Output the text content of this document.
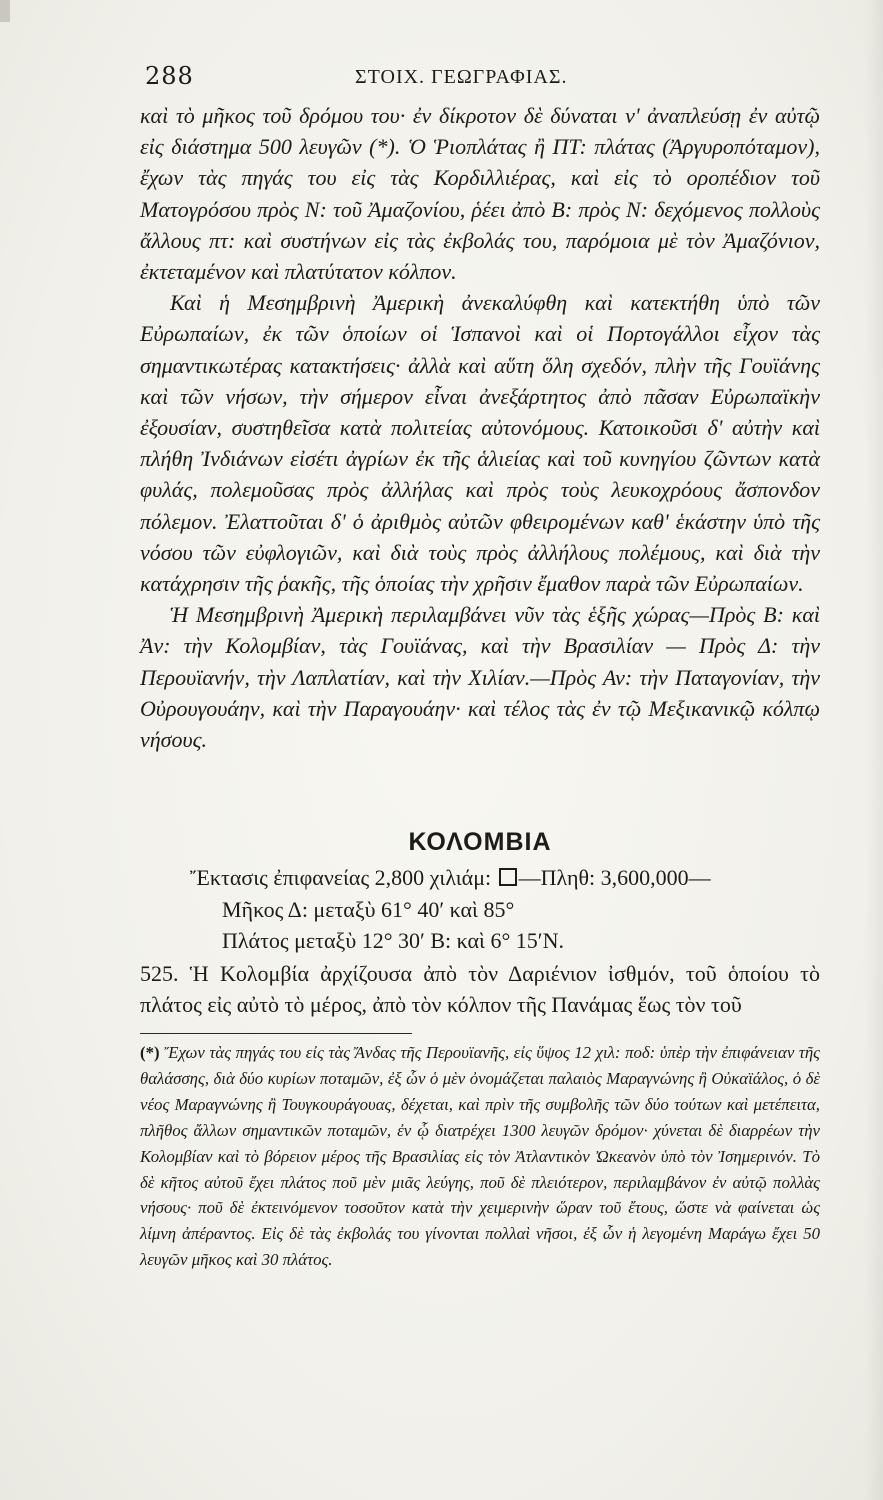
288	ΣΤΟΙΧ. ΓΕΩΓΡΑΦΙΑΣ.

καὶ τὸ μῆκος τοῦ δρόμου του· ἐν δίκροτον δὲ δύναται ν' ἀναπλεύσῃ ἐν αὐτῷ εἰς διάστημα 500 λευγῶν (*). Ὁ Ῥιοπλάτας ἢ ΠΤ: πλάτας (Ἀργυροπόταμον), ἔχων τὰς πηγάς του εἰς τὰς Κορδιλλιέρας, καὶ εἰς τὸ οροπέδιον τοῦ Ματογρόσου πρὸς Ν: τοῦ Ἀμαζονίου, ῥέει ἀπὸ Β: πρὸς Ν: δεχόμενος πολλοὺς ἄλλους πτ: καὶ συστήνων εἰς τὰς ἐκβολάς του, παρόμοια μὲ τὸν Ἀμαζόνιον, ἐκτεταμένον καὶ πλατύτατον κόλπον.

Καὶ ἡ Μεσημβρινὴ Ἀμερικὴ ἀνεκαλύφθη καὶ κατεκτήθη ὑπὸ τῶν Εὐρωπαίων, ἐκ τῶν ὁποίων οἱ Ἱσπανοὶ καὶ οἱ Πορτογάλλοι εἶχον τὰς σημαντικωτέρας κατακτήσεις· ἀλλὰ καὶ αὕτη ὅλη σχεδόν, πλὴν τῆς Γουϊάνης καὶ τῶν νήσων, τὴν σήμερον εἶναι ἀνεξάρτητος ἀπὸ πᾶσαν Εὐρωπαϊκὴν ἐξουσίαν, συστηθεῖσα κατὰ πολιτείας αὐτονόμους. Κατοικοῦσι δ' αὐτὴν καὶ πλήθη Ἰνδιάνων εἰσέτι ἀγρίων ἐκ τῆς ἁλιείας καὶ τοῦ κυνηγίου ζῶντων κατὰ φυλάς, πολεμοῦσας πρὸς ἀλλήλας καὶ πρὸς τοὺς λευκοχρόους ἄσπονδον πόλεμον. Ἐλαττοῦται δ' ὁ ἀριθμὸς αὐτῶν φθειρομένων καθ' ἑκάστην ὑπὸ τῆς νόσου τῶν εὐφλογιῶν, καὶ διὰ τοὺς πρὸς ἀλλήλους πολέμους, καὶ διὰ τὴν κατάχρησιν τῆς ῥακῆς, τῆς ὁποίας τὴν χρῆσιν ἔμαθον παρὰ τῶν Εὐρωπαίων.

Ἡ Μεσημβρινὴ Ἀμερικὴ περιλαμβάνει νῦν τὰς ἑξῆς χώρας—Πρὸς Β: καὶ Ἀν: τὴν Κολομβίαν, τὰς Γουϊάνας, καὶ τὴν Βρασιλίαν — Πρὸς Δ: τὴν Περουϊανήν, τὴν Λαπλατίαν, καὶ τὴν Χιλίαν.—Πρὸς Αν: τὴν Παταγονίαν, τὴν Οὐρουγουάην, καὶ τὴν Παραγουάην· καὶ τέλος τὰς ἐν τῷ Μεξικανικῷ κόλπῳ νήσους.

ΚΟΛΟΜΒΙΑ
Ἔκτασις ἐπιφανείας 2,800 χιλιάμ: —Πληθ: 3,600,000—
Μῆκος Δ: μεταξὺ 61° 40′ καὶ 85°
Πλάτος μεταξὺ 12° 30′ Β: καὶ 6° 15′Ν.
525. Ἡ Κολομβία ἀρχίζουσα ἀπὸ τὸν Δαριένιον ἰσθμόν, τοῦ ὁποίου τὸ πλάτος εἰς αὐτὸ τὸ μέρος, ἀπὸ τὸν κόλπον τῆς Πανάμας ἕως τὸν τοῦ
(*) Ἔχων τὰς πηγάς του εἰς τὰς Ἄνδας τῆς Περουϊανῆς, εἰς ὕψος 12 χιλ: ποδ: ὑπὲρ τὴν ἐπιφάνειαν τῆς θαλάσσης, διὰ δύο κυρίων ποταμῶν, ἐξ ὧν ὁ μὲν ὀνομάζεται παλαιὸς Μαραγνώνης ἢ Οὐκαϊάλος, ὁ δὲ νέος Μαραγνώνης ἢ Τουγκουράγουας, δέχεται, καὶ πρὶν τῆς συμβολῆς τῶν δύο τούτων καὶ μετέπειτα, πλῆθος ἄλλων σημαντικῶν ποταμῶν, ἐν ᾧ διατρέχει 1300 λευγῶν δρόμον· χύνεται δὲ διαρρέων τὴν Κολομβίαν καὶ τὸ βόρειον μέρος τῆς Βρασιλίας εἰς τὸν Ἀτλαντικὸν Ὠκεανὸν ὑπὸ τὸν Ἰσημερινόν. Τὸ δὲ κῆτος αὐτοῦ ἔχει πλάτος ποῦ μὲν μιᾶς λεύγης, ποῦ δὲ πλειότερον, περιλαμβάνον ἐν αὐτῷ πολλὰς νήσους· ποῦ δὲ ἐκτεινόμενον τοσοῦτον κατὰ τὴν χειμερινὴν ὥραν τοῦ ἔτους, ὥστε νὰ φαίνεται ὡς λίμνη ἀπέραντος. Εἰς δὲ τὰς ἐκβολάς του γίνονται πολλαὶ νῆσοι, ἐξ ὧν ἡ λεγομένη Μαράγω ἔχει 50 λευγῶν μῆκος καὶ 30 πλάτος.
